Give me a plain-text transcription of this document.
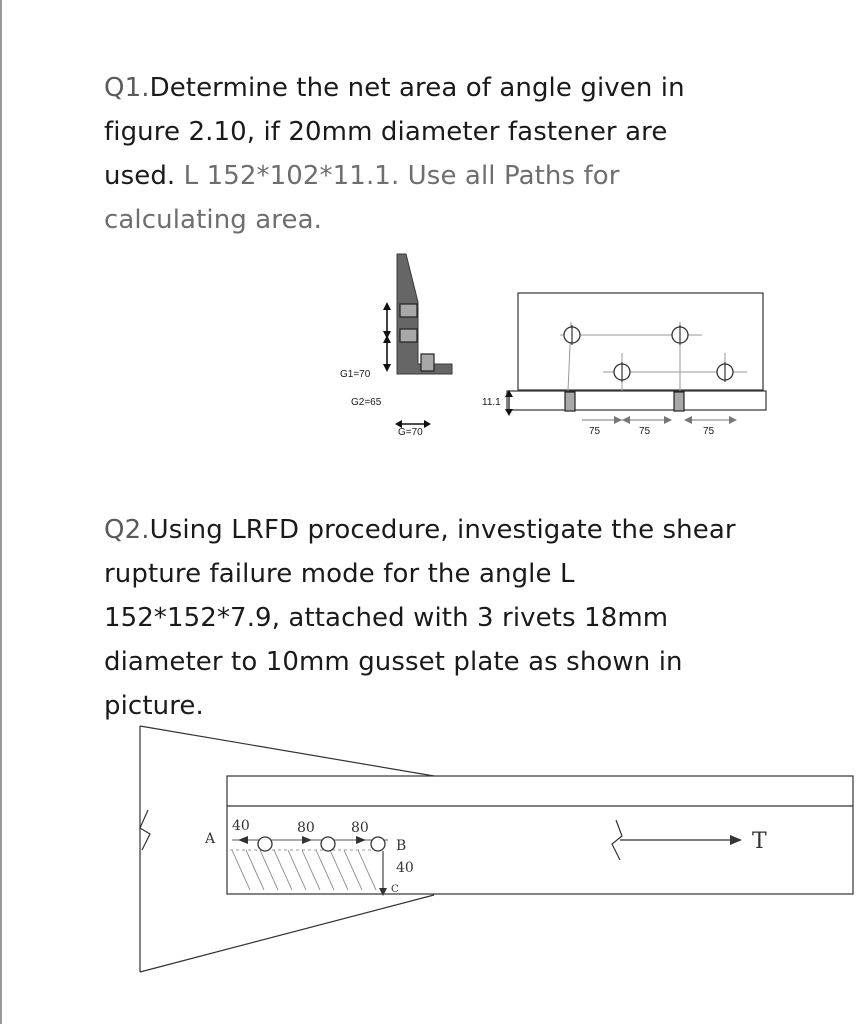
Q1.Determine the net area of angle given in figure 2.10, if 20mm diameter fastener are used. L 152*102*11.1. Use all Paths for calculating area.

G1=70
G2=65
G=70
11.1
75	75	75

Q2.Using LRFD procedure, investigate the shear rupture failure mode for the angle L 152*152*7.9, attached with 3 rivets 18mm diameter to 10mm gusset plate as shown in picture.

40	80	80
A	B
40
C
T
